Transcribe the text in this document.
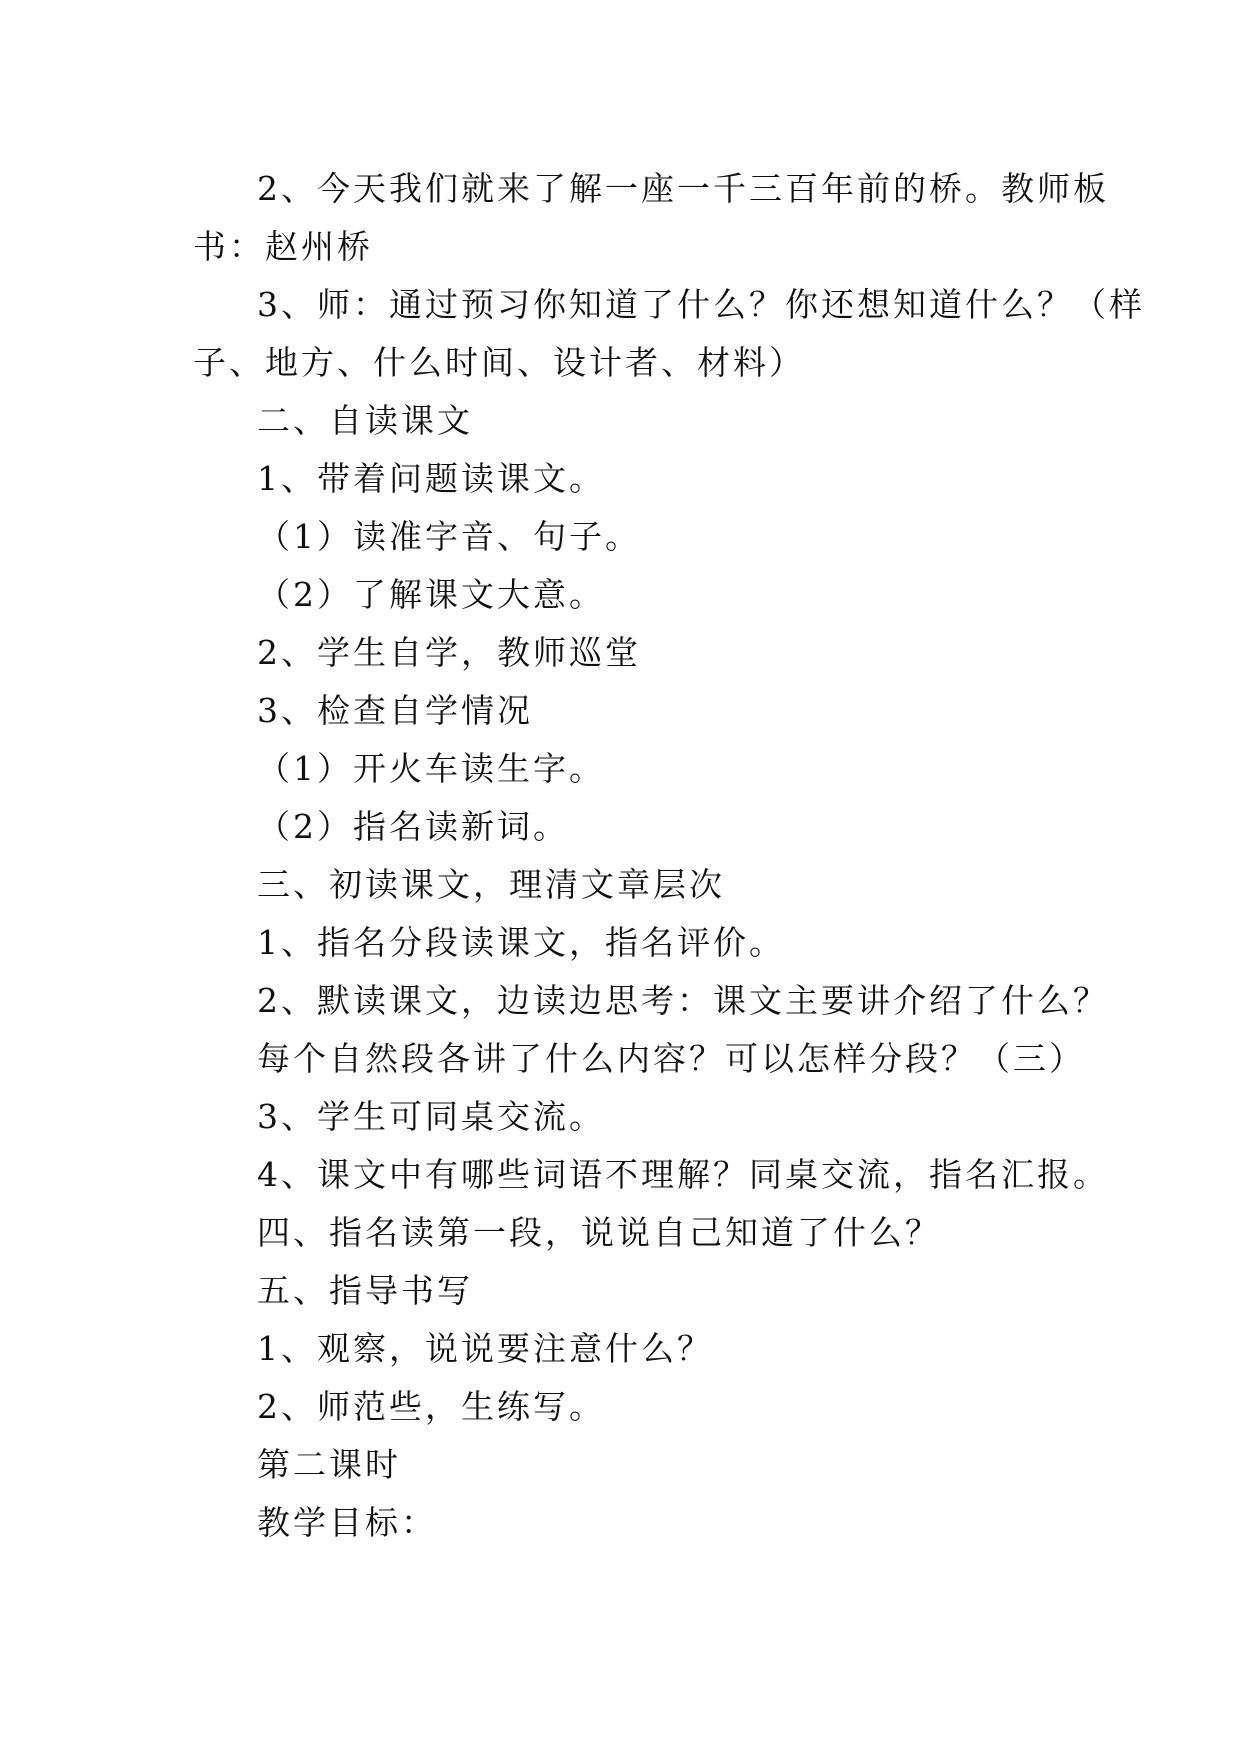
2、今天我们就来了解一座一千三百年前的桥。教师板
书：赵州桥
3、师：通过预习你知道了什么？你还想知道什么？（样
子、地方、什么时间、设计者、材料）
二、自读课文
1、带着问题读课文。
（1）读准字音、句子。
（2）了解课文大意。
2、学生自学，教师巡堂
3、检查自学情况
（1）开火车读生字。
（2）指名读新词。
三、初读课文，理清文章层次
1、指名分段读课文，指名评价。
2、默读课文，边读边思考：课文主要讲介绍了什么？
每个自然段各讲了什么内容？可以怎样分段？（三）
3、学生可同桌交流。
4、课文中有哪些词语不理解？同桌交流，指名汇报。
四、指名读第一段，说说自己知道了什么？
五、指导书写
1、观察，说说要注意什么？
2、师范些，生练写。
第二课时
教学目标：
